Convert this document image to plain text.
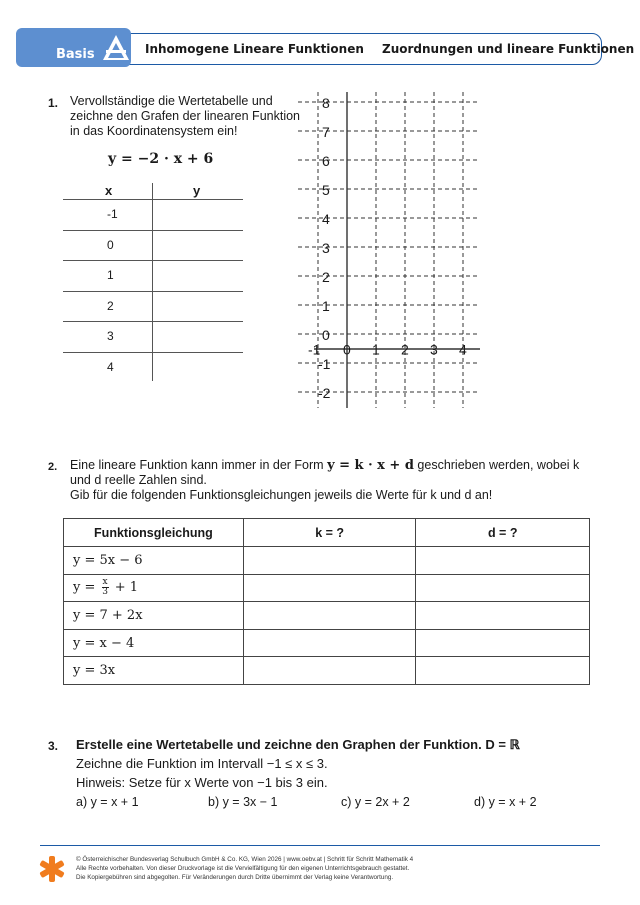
Basis	Inhomogene Lineare Funktionen Zuordnungen und lineare Funktionen
1. Vervollständige die Wertetabelle und zeichne den Grafen der linearen Funktion in das Koordinatensystem ein!
y = −2 · x + 6
x	y
-1
0
1
2
3
4
8
7
6
5
4
3
2
1
0
-1
-2
-1 0 1 2 3 4
2. Eine lineare Funktion kann immer in der Form y = k · x + d geschrieben werden, wobei k
und d reelle Zahlen sind.
Gib für die folgenden Funktionsgleichungen jeweils die Werte für k und d an!
Funktionsgleichung	k = ?	d = ?
y = 5x − 6		
$y = \frac{x}{3} + 1$		
y = 7 + 2x		
y = x − 4		
y = 3x		
3. Erstelle eine Wertetabelle und zeichne den Graphen der Funktion. D = ℝ
Zeichne die Funktion im Intervall −1 ≤ x ≤ 3.
Hinweis: Setze für x Werte von −1 bis 3 ein.
a) y = x + 1	b) y = 3x − 1	c) y = 2x + 2	d) y = x + 2
© Österreichischer Bundesverlag Schulbuch GmbH & Co. KG, Wien 2026 | www.oebv.at | Schritt für Schritt Mathematik 4
Alle Rechte vorbehalten. Von dieser Druckvorlage ist die Vervielfältigung für den eigenen Unterrichtsgebrauch gestattet.
Die Kopiergebühren sind abgegolten. Für Veränderungen durch Dritte übernimmt der Verlag keine Verantwortung.
